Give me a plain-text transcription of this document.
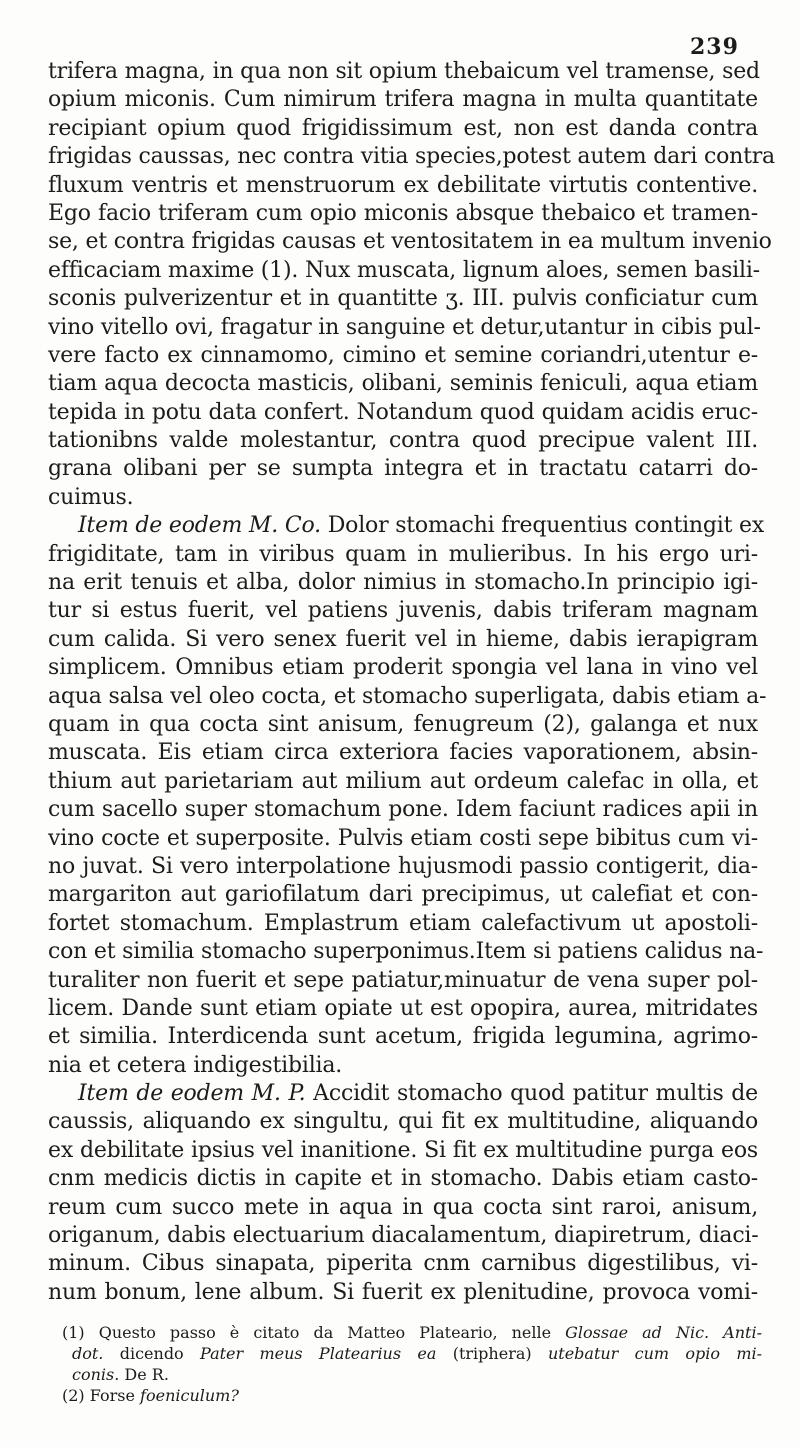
239
trifera magna, in qua non sit opium thebaicum vel tramense, sed
opium miconis. Cum nimirum trifera magna in multa quantitate
recipiant opium quod frigidissimum est, non est danda contra
frigidas caussas, nec contra vitia species,potest autem dari contra
fluxum ventris et menstruorum ex debilitate virtutis contentive.
Ego facio triferam cum opio miconis absque thebaico et tramen-
se, et contra frigidas causas et ventositatem in ea multum invenio
efficaciam maxime (1). Nux muscata, lignum aloes, semen basili-
sconis pulverizentur et in quantitte ʒ. III. pulvis conficiatur cum
vino vitello ovi, fragatur in sanguine et detur,utantur in cibis pul-
vere facto ex cinnamomo, cimino et semine coriandri,utentur e-
tiam aqua decocta masticis, olibani, seminis feniculi, aqua etiam
tepida in potu data confert. Notandum quod quidam acidis eruc-
tationibns valde molestantur, contra quod precipue valent III.
grana olibani per se sumpta integra et in tractatu catarri do-
cuimus.
Item de eodem M. Co. Dolor stomachi frequentius contingit ex
frigiditate, tam in viribus quam in mulieribus. In his ergo uri-
na erit tenuis et alba, dolor nimius in stomacho.In principio igi-
tur si estus fuerit, vel patiens juvenis, dabis triferam magnam
cum calida. Si vero senex fuerit vel in hieme, dabis ierapigram
simplicem. Omnibus etiam proderit spongia vel lana in vino vel
aqua salsa vel oleo cocta, et stomacho superligata, dabis etiam a-
quam in qua cocta sint anisum, fenugreum (2), galanga et nux
muscata. Eis etiam circa exteriora facies vaporationem, absin-
thium aut parietariam aut milium aut ordeum calefac in olla, et
cum sacello super stomachum pone. Idem faciunt radices apii in
vino cocte et superposite. Pulvis etiam costi sepe bibitus cum vi-
no juvat. Si vero interpolatione hujusmodi passio contigerit, dia-
margariton aut gariofilatum dari precipimus, ut calefiat et con-
fortet stomachum. Emplastrum etiam calefactivum ut apostoli-
con et similia stomacho superponimus.Item si patiens calidus na-
turaliter non fuerit et sepe patiatur,minuatur de vena super pol-
licem. Dande sunt etiam opiate ut est opopira, aurea, mitridates
et similia. Interdicenda sunt acetum, frigida legumina, agrimo-
nia et cetera indigestibilia.
Item de eodem M. P. Accidit stomacho quod patitur multis de
caussis, aliquando ex singultu, qui fit ex multitudine, aliquando
ex debilitate ipsius vel inanitione. Si fit ex multitudine purga eos
cnm medicis dictis in capite et in stomacho. Dabis etiam casto-
reum cum succo mete in aqua in qua cocta sint raroi, anisum,
origanum, dabis electuarium diacalamentum, diapiretrum, diaci-
minum. Cibus sinapata, piperita cnm carnibus digestilibus, vi-
num bonum, lene album. Si fuerit ex plenitudine, provoca vomi-
(1) Questo passo è citato da Matteo Plateario, nelle Glossae ad Nic. Anti-
dot. dicendo Pater meus Platearius ea (triphera) utebatur cum opio mi-
conis. De R.
(2) Forse foeniculum?
